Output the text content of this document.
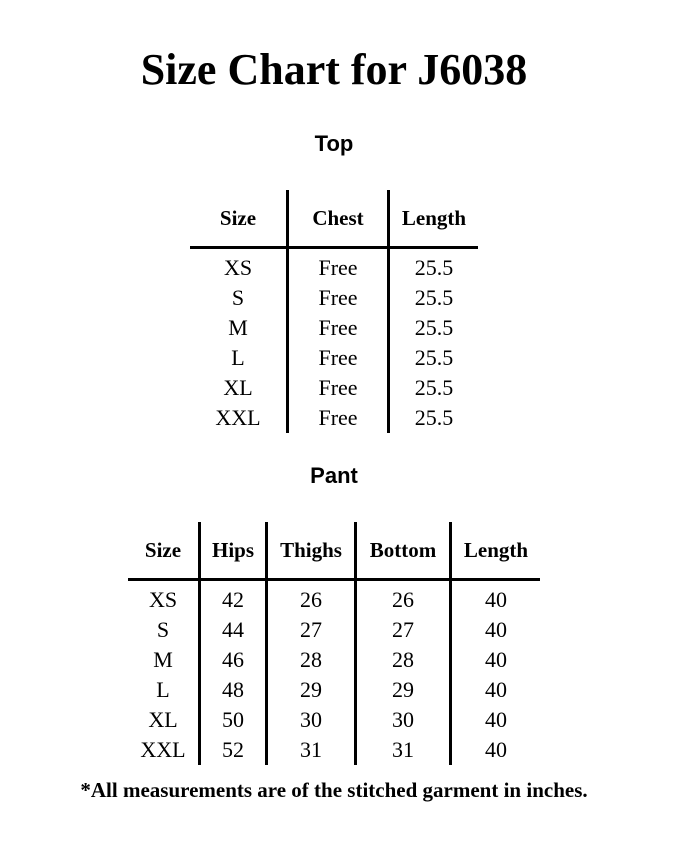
Size Chart for J6038
Top
Size	Chest	Length
XS	Free	25.5
S	Free	25.5
M	Free	25.5
L	Free	25.5
XL	Free	25.5
XXL	Free	25.5
Pant
Size	Hips	Thighs	Bottom	Length
XS	42	26	26	40
S	44	27	27	40
M	46	28	28	40
L	48	29	29	40
XL	50	30	30	40
XXL	52	31	31	40
*All measurements are of the stitched garment in inches.
